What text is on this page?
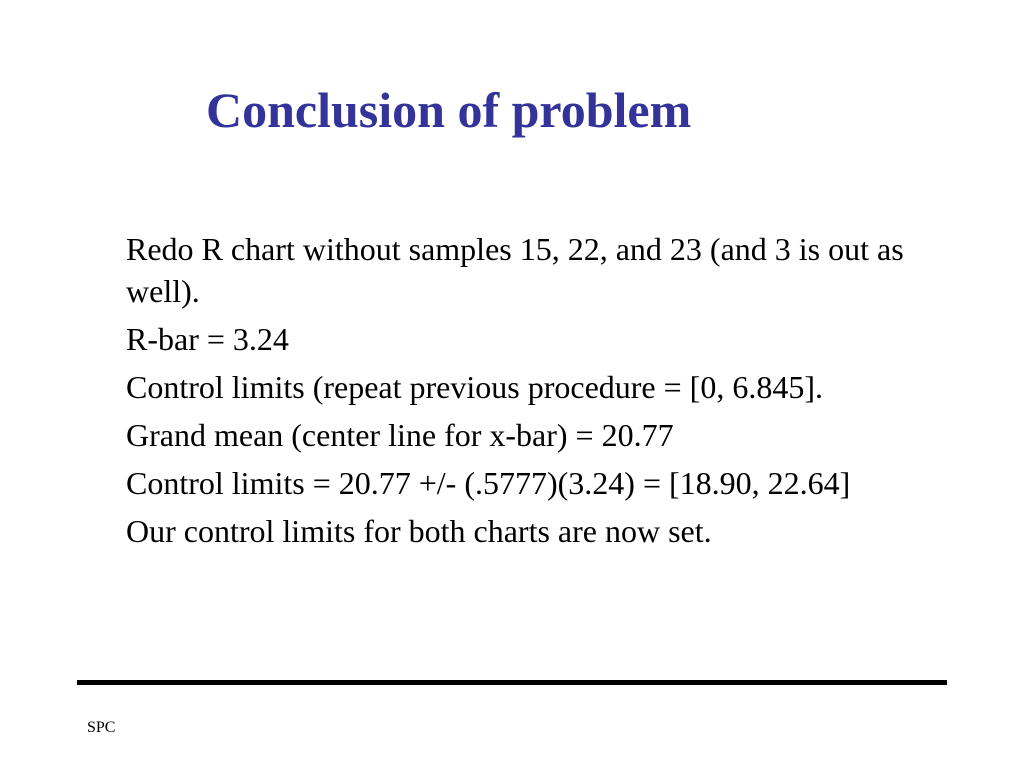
Conclusion of problem
Redo R chart without samples 15, 22, and 23 (and 3 is out as well).
R-bar = 3.24
Control limits (repeat previous procedure = [0, 6.845].
Grand mean (center line for x-bar) = 20.77
Control limits = 20.77 +/- (.5777)(3.24) = [18.90, 22.64]
Our control limits for both charts are now set.
SPC
